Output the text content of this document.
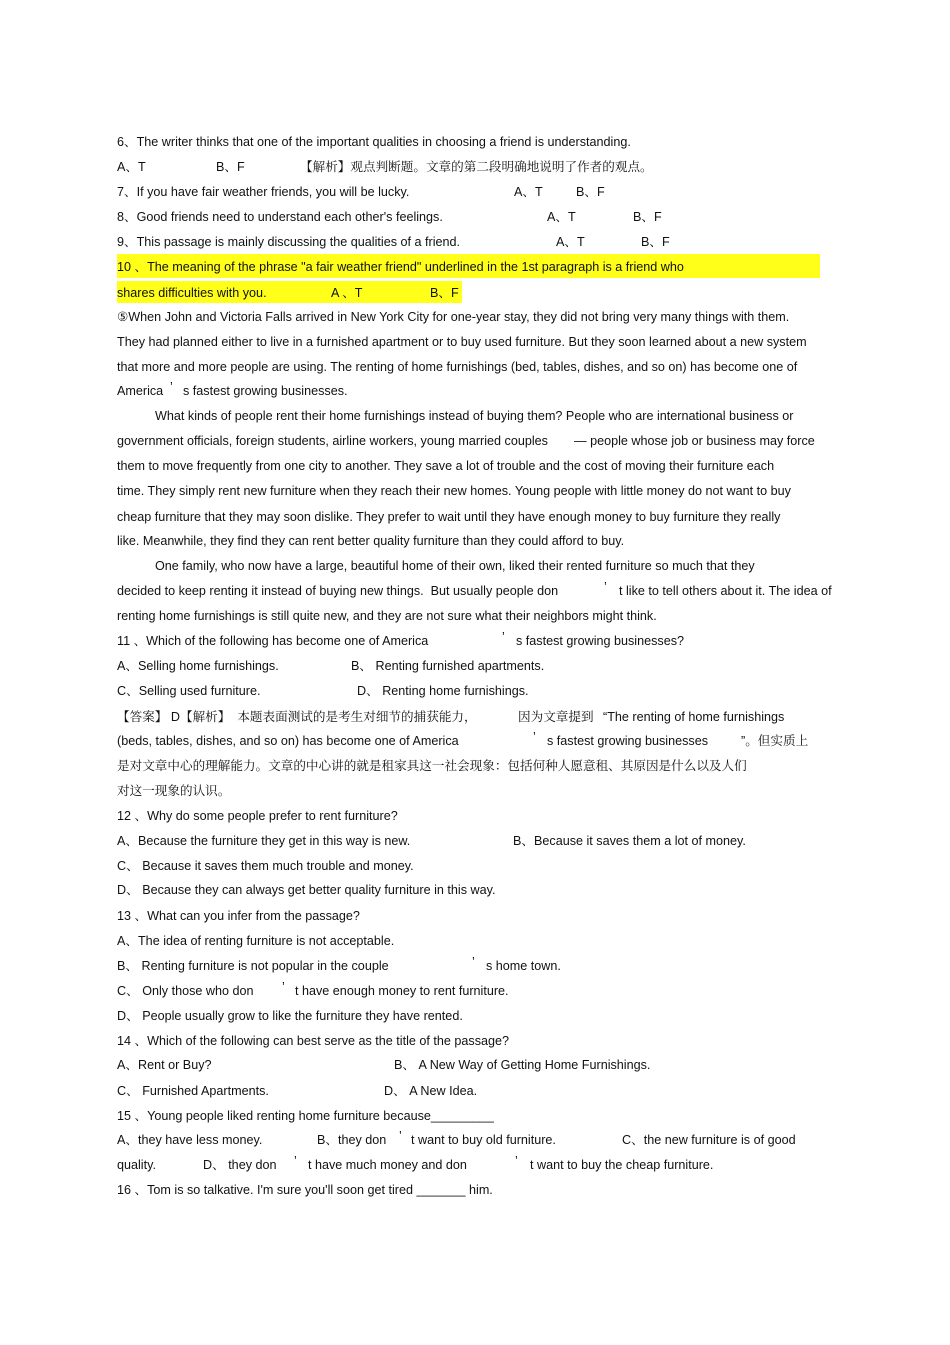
6、The writer thinks that one of the important qualities in choosing a friend is understanding.
A、T	B、F	【解析】观点判断题。文章的第二段明确地说明了作者的观点。
7、If you have fair weather friends, you will be lucky.	A、T	B、F
8、Good friends need to understand each other's feelings.	A、T	B、F
9、This passage is mainly discussing the qualities of a friend.	A、T	B、F
10 、The meaning of the phrase "a fair weather friend" underlined in the 1st paragraph is a friend who
shares difficulties with you.	A 、T	B、F
⑤When John and Victoria Falls arrived in New York City for one-year stay, they did not bring very many things with them.
They had planned either to live in a furnished apartment or to buy used furniture. But they soon learned about a new system
that more and more people are using. The renting of home furnishings (bed, tables, dishes, and so on) has become one of
America ’ s fastest growing businesses.
What kinds of people rent their home furnishings instead of buying them? People who are international business or
government officials, foreign students, airline workers, young married couples — people whose job or business may force
them to move frequently from one city to another. They save a lot of trouble and the cost of moving their furniture each
time. They simply rent new furniture when they reach their new homes. Young people with little money do not want to buy
cheap furniture that they may soon dislike. They prefer to wait until they have enough money to buy furniture they really
like. Meanwhile, they find they can rent better quality furniture than they could afford to buy.
One family, who now have a large, beautiful home of their own, liked their rented furniture so much that they
decided to keep renting it instead of buying new things.  But usually people don	’ t like to tell others about it. The idea of
renting home furnishings is still quite new, and they are not sure what their neighbors might think.
11 、Which of the following has become one of America	’ s fastest growing businesses?
A、Selling home furnishings.	B、 Renting furnished apartments.
C、Selling used furniture.	D、 Renting home furnishings.
【答案】 D【解析】  本题表面测试的是考生对细节的捕获能力，	因为文章提到 “The renting of home furnishings
(beds, tables, dishes, and so on) has become one of America	’ s fastest growing businesses	”。但实质上
是对文章中心的理解能力。文章的中心讲的就是租家具这一社会现象：包括何种人愿意租、其原因是什么以及人们
对这一现象的认识。
12 、Why do some people prefer to rent furniture?
A、Because the furniture they get in this way is new.	B、Because it saves them a lot of money.
C、 Because it saves them much trouble and money.
D、 Because they can always get better quality furniture in this way.
13 、What can you infer from the passage?
A、The idea of renting furniture is not acceptable.
B、 Renting furniture is not popular in the couple	’ s home town.
C、 Only those who don ’ t have enough money to rent furniture.
D、 People usually grow to like the furniture they have rented.
14 、Which of the following can best serve as the title of the passage?
A、Rent or Buy?	B、 A New Way of Getting Home Furnishings.
C、 Furnished Apartments.	D、 A New Idea.
15 、Young people liked renting home furniture because_________
A、they have less money.	B、they don ’ t want to buy old furniture.	C、the new furniture is of good
quality.	D、 they don ’ t have much money and don	’ t want to buy the cheap furniture.
16 、Tom is so talkative. I'm sure you'll soon get tired _______ him.
